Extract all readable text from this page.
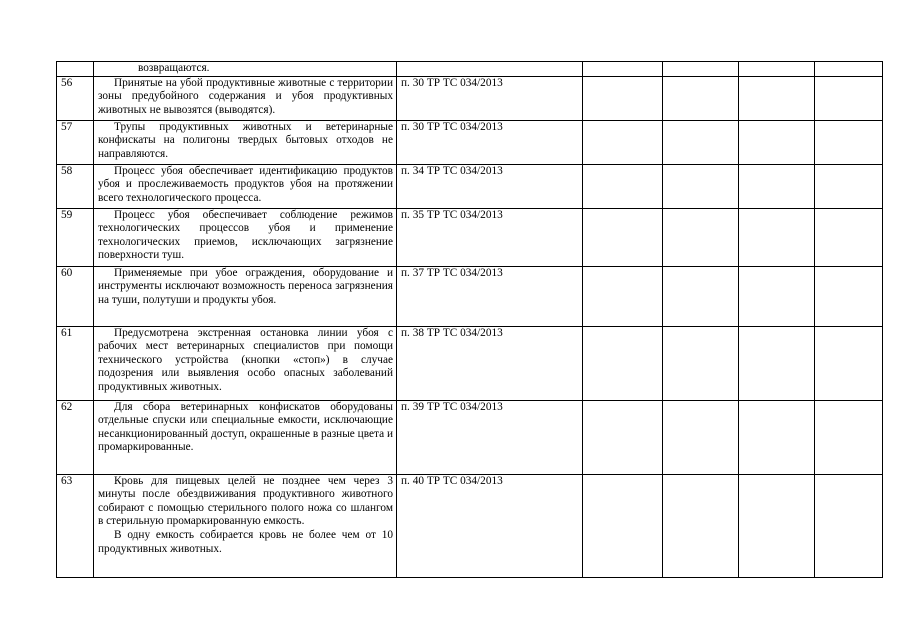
	возвращаются.					

56	Принятые на убой продуктивные животные с территории зоны предубойного содержания и убоя продуктивных животных не вывозятся (выводятся).	п. 30 ТР ТС 034/2013				
57	Трупы продуктивных животных и ветеринарные конфискаты на полигоны твердых бытовых отходов не направляются.	п. 30 ТР ТС 034/2013				
58	Процесс убоя обеспечивает идентификацию продуктов убоя и прослеживаемость продуктов убоя на протяжении всего технологического процесса.	п. 34 ТР ТС 034/2013				
59	Процесс убоя обеспечивает соблюдение режимов технологических процессов убоя и применение технологических приемов, исключающих загрязнение поверхности туш.	п. 35 ТР ТС 034/2013				
60	Применяемые при убое ограждения, оборудование и инструменты исключают возможность переноса загрязнения на туши, полутуши и продукты убоя.	п. 37 ТР ТС 034/2013				
61	Предусмотрена экстренная остановка линии убоя с рабочих мест ветеринарных специалистов при помощи технического устройства (кнопки «стоп») в случае подозрения или выявления особо опасных заболеваний продуктивных животных.	п. 38 ТР ТС 034/2013				
62	Для сбора ветеринарных конфискатов оборудованы отдельные спуски или специальные емкости, исключающие несанкционированный доступ, окрашенные в разные цвета и промаркированные.	п. 39 ТР ТС 034/2013				
63	Кровь для пищевых целей не позднее чем через 3 минуты после обездвиживания продуктивного животного собирают с помощью стерильного полого ножа со шлангом в стерильную промаркированную емкость.
В одну емкость собирается кровь не более чем от 10 продуктивных животных.	п. 40 ТР ТС 034/2013				
